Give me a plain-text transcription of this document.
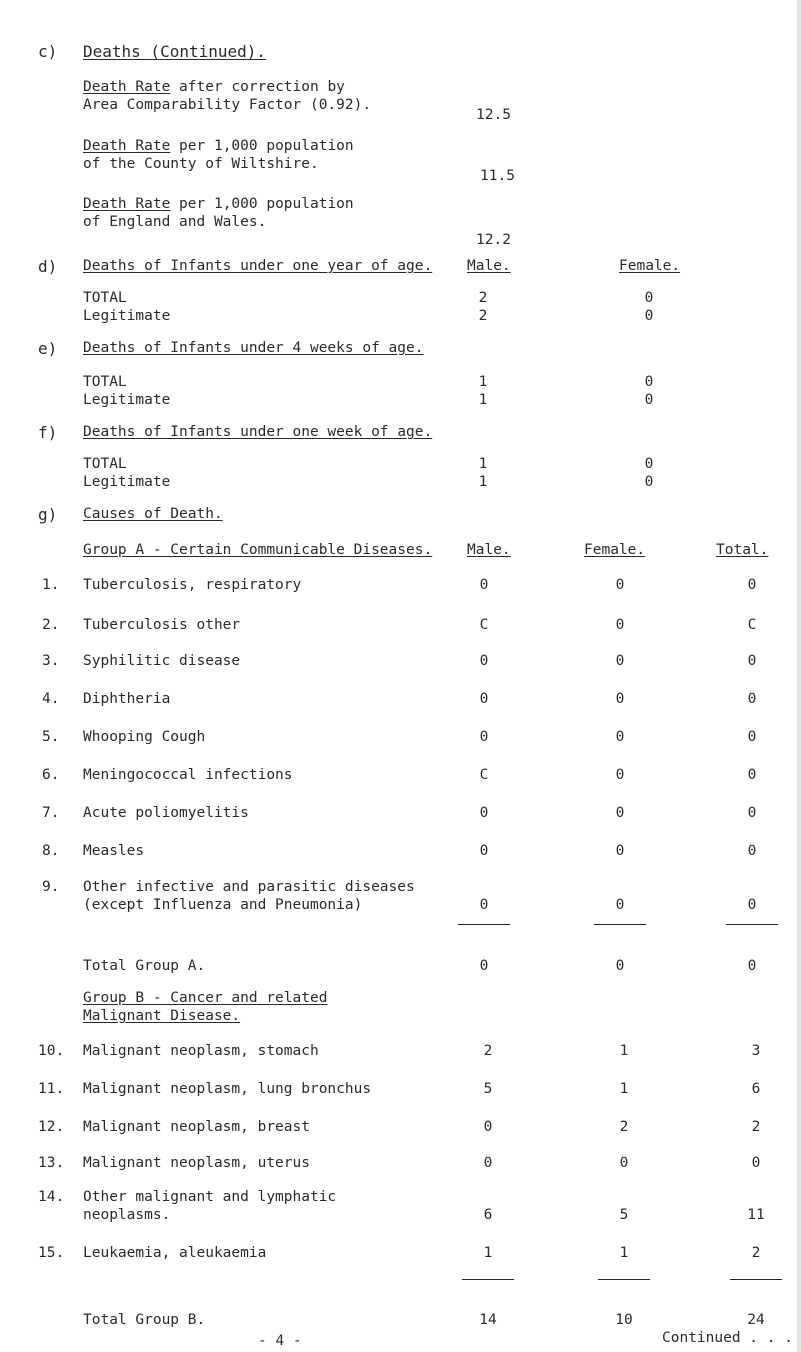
c) Deaths (Continued).
Death Rate after correction by
Area Comparability Factor (0.92).
12.5
Death Rate per 1,000 population
of the County of Wiltshire.
11.5
Death Rate per 1,000 population
of England and Wales.
12.2
d) Deaths of Infants under one year of age. Male.	Female.
TOTAL	2	0
Legitimate	2	0
e) Deaths of Infants under 4 weeks of age.
TOTAL	1	0
Legitimate	1	0
f) Deaths of Infants under one week of age.
TOTAL	1	0
Legitimate	1	0
g) Causes of Death.
Group A - Certain Communicable Diseases. Male.	Female.	Total.
1. Tuberculosis, respiratory	0	0	0
2. Tuberculosis other	C	0	C
3. Syphilitic disease	0	0	0
4. Diphtheria	0	0	0
5. Whooping Cough	0	0	0
6. Meningococcal infections	C	0	0
7. Acute poliomyelitis	0	0	0
8. Measles	0	0	0
9. Other infective and parasitic diseases
(except Influenza and Pneumonia)	0	0	0
Total Group A.	0	0	0
Group B - Cancer and related
Malignant Disease.
10. Malignant neoplasm, stomach	2	1	3
11. Malignant neoplasm, lung bronchus	5	1	6
12. Malignant neoplasm, breast	0	2	2
13. Malignant neoplasm, uterus	0	0	0
14. Other malignant and lymphatic
neoplasms.	6	5	11
15. Leukaemia, aleukaemia	1	1	2
Total Group B.	14	10	24
- 4 -	Continued . . .
